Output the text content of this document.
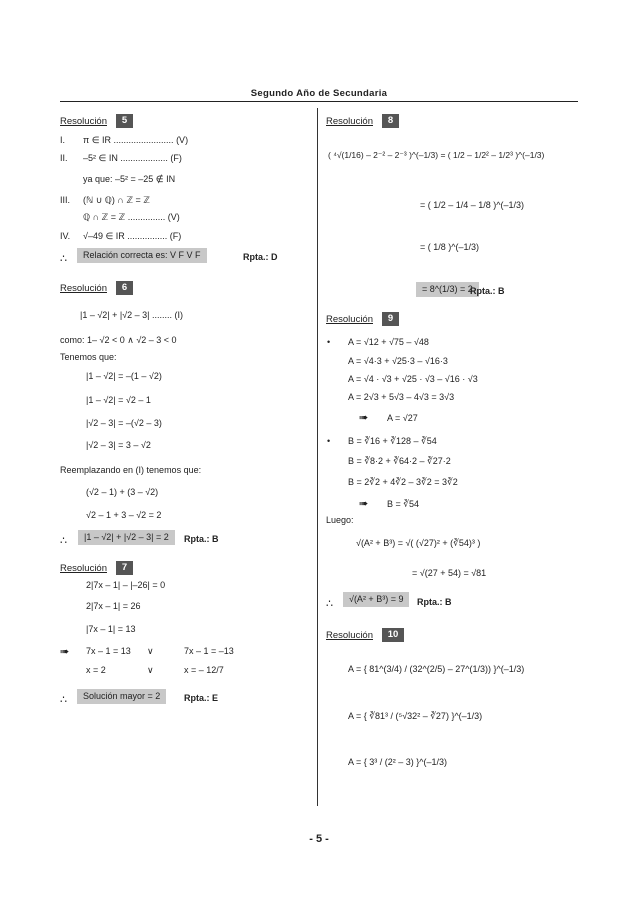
Segundo Año de Secundaria
Resolución	5
I. π ∈ IR ........................ (V)
II. –5² ∈ IN ................... (F)
ya que: –5² = –25 ∉ IN
III. (ℕ ∪ ℚ) ∩ ℤ = ℤ
ℚ ∩ ℤ = ℤ ............... (V)
IV. √–49 ∈ IR ................ (F)
∴	Relación correcta es: V F V F	Rpta.: D
Resolución	6
|1 – √2| + |√2 – 3| ........ (I)
como: 1– √2 < 0 ∧ √2 – 3 < 0
Tenemos que:
|1 – √2| = –(1 – √2)
|1 – √2| = √2 – 1
|√2 – 3| = –(√2 – 3)
|√2 – 3| = 3 – √2
Reemplazando en (I) tenemos que:
(√2 – 1) + (3 – √2)
√2 – 1 + 3 – √2 = 2
∴	|1 – √2| + |√2 – 3| = 2	Rpta.: B
Resolución	7
2|7x – 1| – |–26| = 0
2|7x – 1| = 26
|7x – 1| = 13
➠ 7x – 1 = 13 ∨	7x – 1 = –13
x = 2	∨	x = – 12/7
∴	Solución mayor = 2	Rpta.: E
Resolución	8
( ⁴√(1/16) – 2⁻² – 2⁻³ )^(–1/3) = ( 1/2 – 1/2² – 1/2³ )^(–1/3)
= ( 1/2 – 1/4 – 1/8 )^(–1/3)
= ( 1/8 )^(–1/3)
= 8^(1/3) = 2
Rpta.: B
Resolución	9
• A = √12 + √75 – √48
A = √4·3 + √25·3 – √16·3
A = √4 · √3 + √25 · √3 – √16 · √3
A = 2√3 + 5√3 – 4√3 = 3√3
➠ A = √27
• B = ∛16 + ∛128 – ∛54
B = ∛8·2 + ∛64·2 – ∛27·2
B = 2∛2 + 4∛2 – 3∛2 = 3∛2
➠ B = ∛54
Luego:
√(A² + B³) = √( (√27)² + (∛54)³ )
= √(27 + 54) = √81
∴	√(A² + B³) = 9	Rpta.: B
Resolución	10
A = { 81^(3/4) / (32^(2/5) – 27^(1/3)) }^(–1/3)
A = { ∛81³ / (⁵√32² – ∛27) }^(–1/3)
A = { 3³ / (2² – 3) }^(–1/3)
- 5 -
